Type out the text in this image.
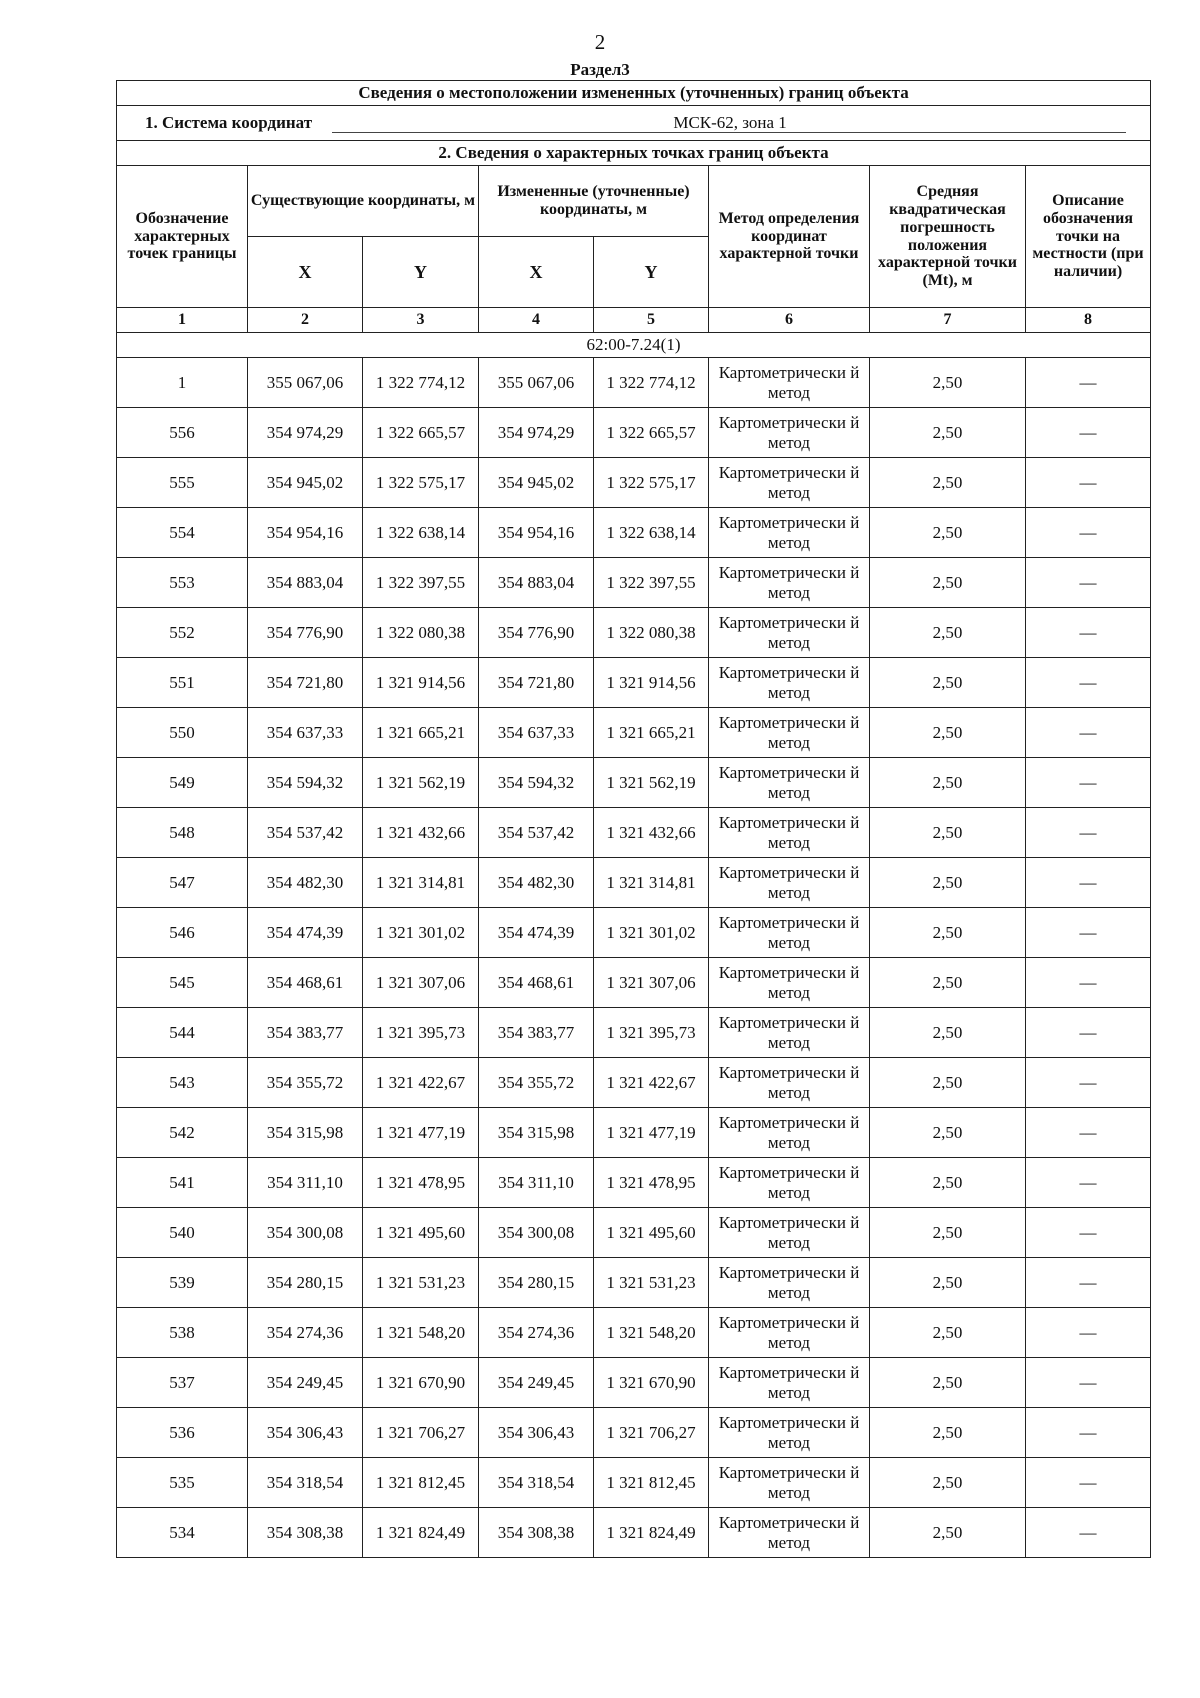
2
Раздел3
Сведения о местоположении измененных (уточненных) границ объекта							
1. Система координат МСК-62, зона 1							
2. Сведения о характерных точках границ объекта							
Обозначение характерных точек границы	Существующие координаты, м		Измененные (уточненные) координаты, м		Метод определения координат характерной точки	Средняя квадратическая погрешность положения характерной точки (Mt), м	Описание обозначения точки на местности (при наличии)
	X	Y	X	Y			
1	2	3	4	5	6	7	8
62:00-7.24(1)							
1	355 067,06	1 322 774,12	355 067,06	1 322 774,12	Картометрически й метод	2,50	—
556	354 974,29	1 322 665,57	354 974,29	1 322 665,57	Картометрически й метод	2,50	—
555	354 945,02	1 322 575,17	354 945,02	1 322 575,17	Картометрически й метод	2,50	—
554	354 954,16	1 322 638,14	354 954,16	1 322 638,14	Картометрически й метод	2,50	—
553	354 883,04	1 322 397,55	354 883,04	1 322 397,55	Картометрически й метод	2,50	—
552	354 776,90	1 322 080,38	354 776,90	1 322 080,38	Картометрически й метод	2,50	—
551	354 721,80	1 321 914,56	354 721,80	1 321 914,56	Картометрически й метод	2,50	—
550	354 637,33	1 321 665,21	354 637,33	1 321 665,21	Картометрически й метод	2,50	—
549	354 594,32	1 321 562,19	354 594,32	1 321 562,19	Картометрически й метод	2,50	—
548	354 537,42	1 321 432,66	354 537,42	1 321 432,66	Картометрически й метод	2,50	—
547	354 482,30	1 321 314,81	354 482,30	1 321 314,81	Картометрически й метод	2,50	—
546	354 474,39	1 321 301,02	354 474,39	1 321 301,02	Картометрически й метод	2,50	—
545	354 468,61	1 321 307,06	354 468,61	1 321 307,06	Картометрически й метод	2,50	—
544	354 383,77	1 321 395,73	354 383,77	1 321 395,73	Картометрически й метод	2,50	—
543	354 355,72	1 321 422,67	354 355,72	1 321 422,67	Картометрически й метод	2,50	—
542	354 315,98	1 321 477,19	354 315,98	1 321 477,19	Картометрически й метод	2,50	—
541	354 311,10	1 321 478,95	354 311,10	1 321 478,95	Картометрически й метод	2,50	—
540	354 300,08	1 321 495,60	354 300,08	1 321 495,60	Картометрически й метод	2,50	—
539	354 280,15	1 321 531,23	354 280,15	1 321 531,23	Картометрически й метод	2,50	—
538	354 274,36	1 321 548,20	354 274,36	1 321 548,20	Картометрически й метод	2,50	—
537	354 249,45	1 321 670,90	354 249,45	1 321 670,90	Картометрически й метод	2,50	—
536	354 306,43	1 321 706,27	354 306,43	1 321 706,27	Картометрически й метод	2,50	—
535	354 318,54	1 321 812,45	354 318,54	1 321 812,45	Картометрически й метод	2,50	—
534	354 308,38	1 321 824,49	354 308,38	1 321 824,49	Картометрически й метод	2,50	—
